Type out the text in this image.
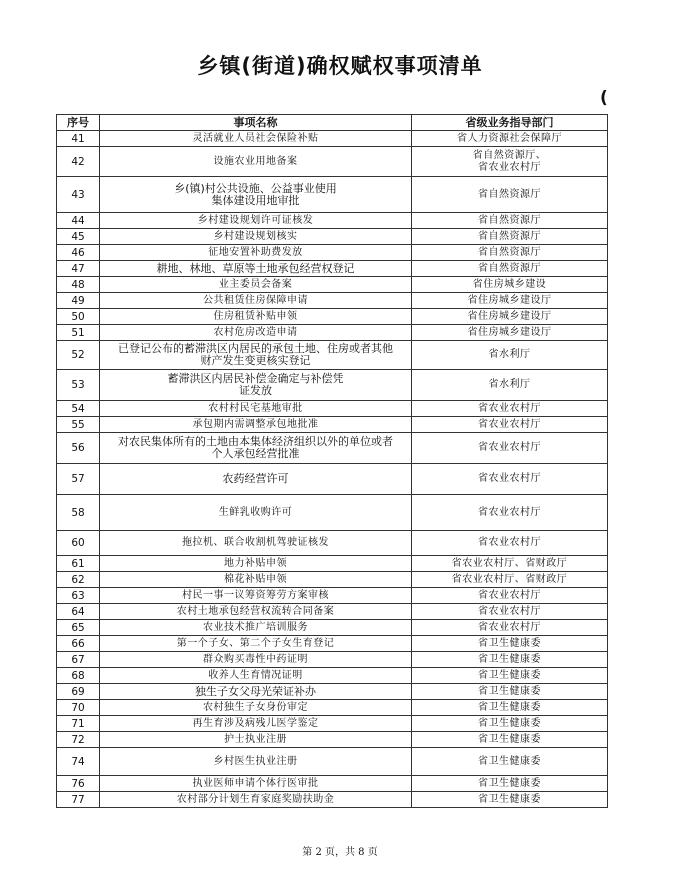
乡镇(街道)确权赋权事项清单
(
序号	事项名称	省级业务指导部门
41	灵活就业人员社会保险补贴	省人力资源社会保障厅
42	设施农业用地备案	省自然资源厅、
省农业农村厅
43	乡(镇)村公共设施、公益事业使用
集体建设用地审批	省自然资源厅
44	乡村建设规划许可证核发	省自然资源厅
45	乡村建设规划核实	省自然资源厅
46	征地安置补助费发放	省自然资源厅
47	耕地、林地、草原等土地承包经营权登记	省自然资源厅
48	业主委员会备案	省住房城乡建设
49	公共租赁住房保障申请	省住房城乡建设厅
50	住房租赁补贴申领	省住房城乡建设厅
51	农村危房改造申请	省住房城乡建设厅
52	已登记公布的蓄滞洪区内居民的承包土地、住房或者其他
财产发生变更核实登记	省水利厅
53	蓄滞洪区内居民补偿金确定与补偿凭
证发放	省水利厅
54	农村村民宅基地审批	省农业农村厅
55	承包期内需调整承包地批准	省农业农村厅
56	对农民集体所有的土地由本集体经济组织以外的单位或者
个人承包经营批准	省农业农村厅
57	农药经营许可	省农业农村厅
58	生鲜乳收购许可	省农业农村厅
60	拖拉机、联合收割机驾驶证核发	省农业农村厅
61	地力补贴申领	省农业农村厅、省财政厅
62	棉花补贴申领	省农业农村厅、省财政厅
63	村民一事一议筹资筹劳方案审核	省农业农村厅
64	农村土地承包经营权流转合同备案	省农业农村厅
65	农业技术推广培训服务	省农业农村厅
66	第一个子女、第二个子女生育登记	省卫生健康委
67	群众购买毒性中药证明	省卫生健康委
68	收养人生育情况证明	省卫生健康委
69	独生子女父母光荣证补办	省卫生健康委
70	农村独生子女身份审定	省卫生健康委
71	再生育涉及病残儿医学鉴定	省卫生健康委
72	护士执业注册	省卫生健康委
74	乡村医生执业注册	省卫生健康委
76	执业医师申请个体行医审批	省卫生健康委
77	农村部分计划生育家庭奖励扶助金	省卫生健康委
第 2 页，共 8 页
